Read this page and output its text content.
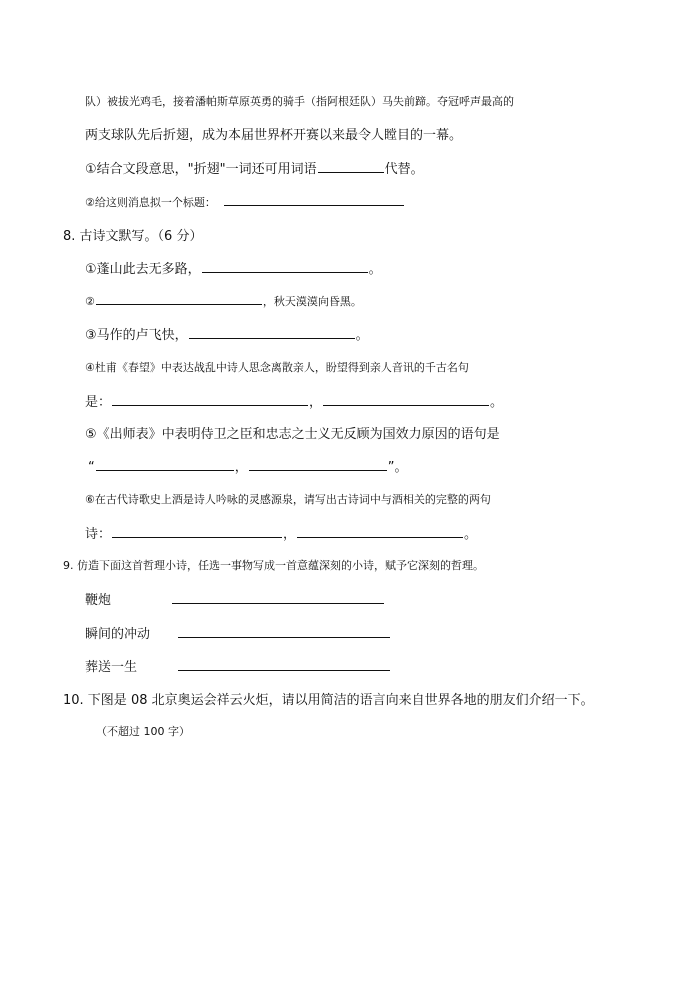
队）被拔光鸡毛，接着潘帕斯草原英勇的骑手（指阿根廷队）马失前蹄。夺冠呼声最高的
两支球队先后折翅，成为本届世界杯开赛以来最令人瞠目的一幕。
①结合文段意思，"折翅"一词还可用词语	代替。
②给这则消息拟一个标题：
8. 古诗文默写。（6 分）
①蓬山此去无多路，	。
②	，秋天漠漠向昏黑。
③马作的卢飞快，	。
④杜甫《春望》中表达战乱中诗人思念离散亲人，盼望得到亲人音讯的千古名句
是：	，	。
⑤《出师表》中表明侍卫之臣和忠志之士义无反顾为国效力原因的语句是
“	，	”。
⑥在古代诗歌史上酒是诗人吟咏的灵感源泉，请写出古诗词中与酒相关的完整的两句
诗：	，	。
9. 仿造下面这首哲理小诗，任选一事物写成一首意蕴深刻的小诗，赋予它深刻的哲理。
鞭炮
瞬间的冲动
葬送一生
10. 下图是 08 北京奥运会祥云火炬，请以用简洁的语言向来自世界各地的朋友们介绍一下。
（不超过 100 字）
